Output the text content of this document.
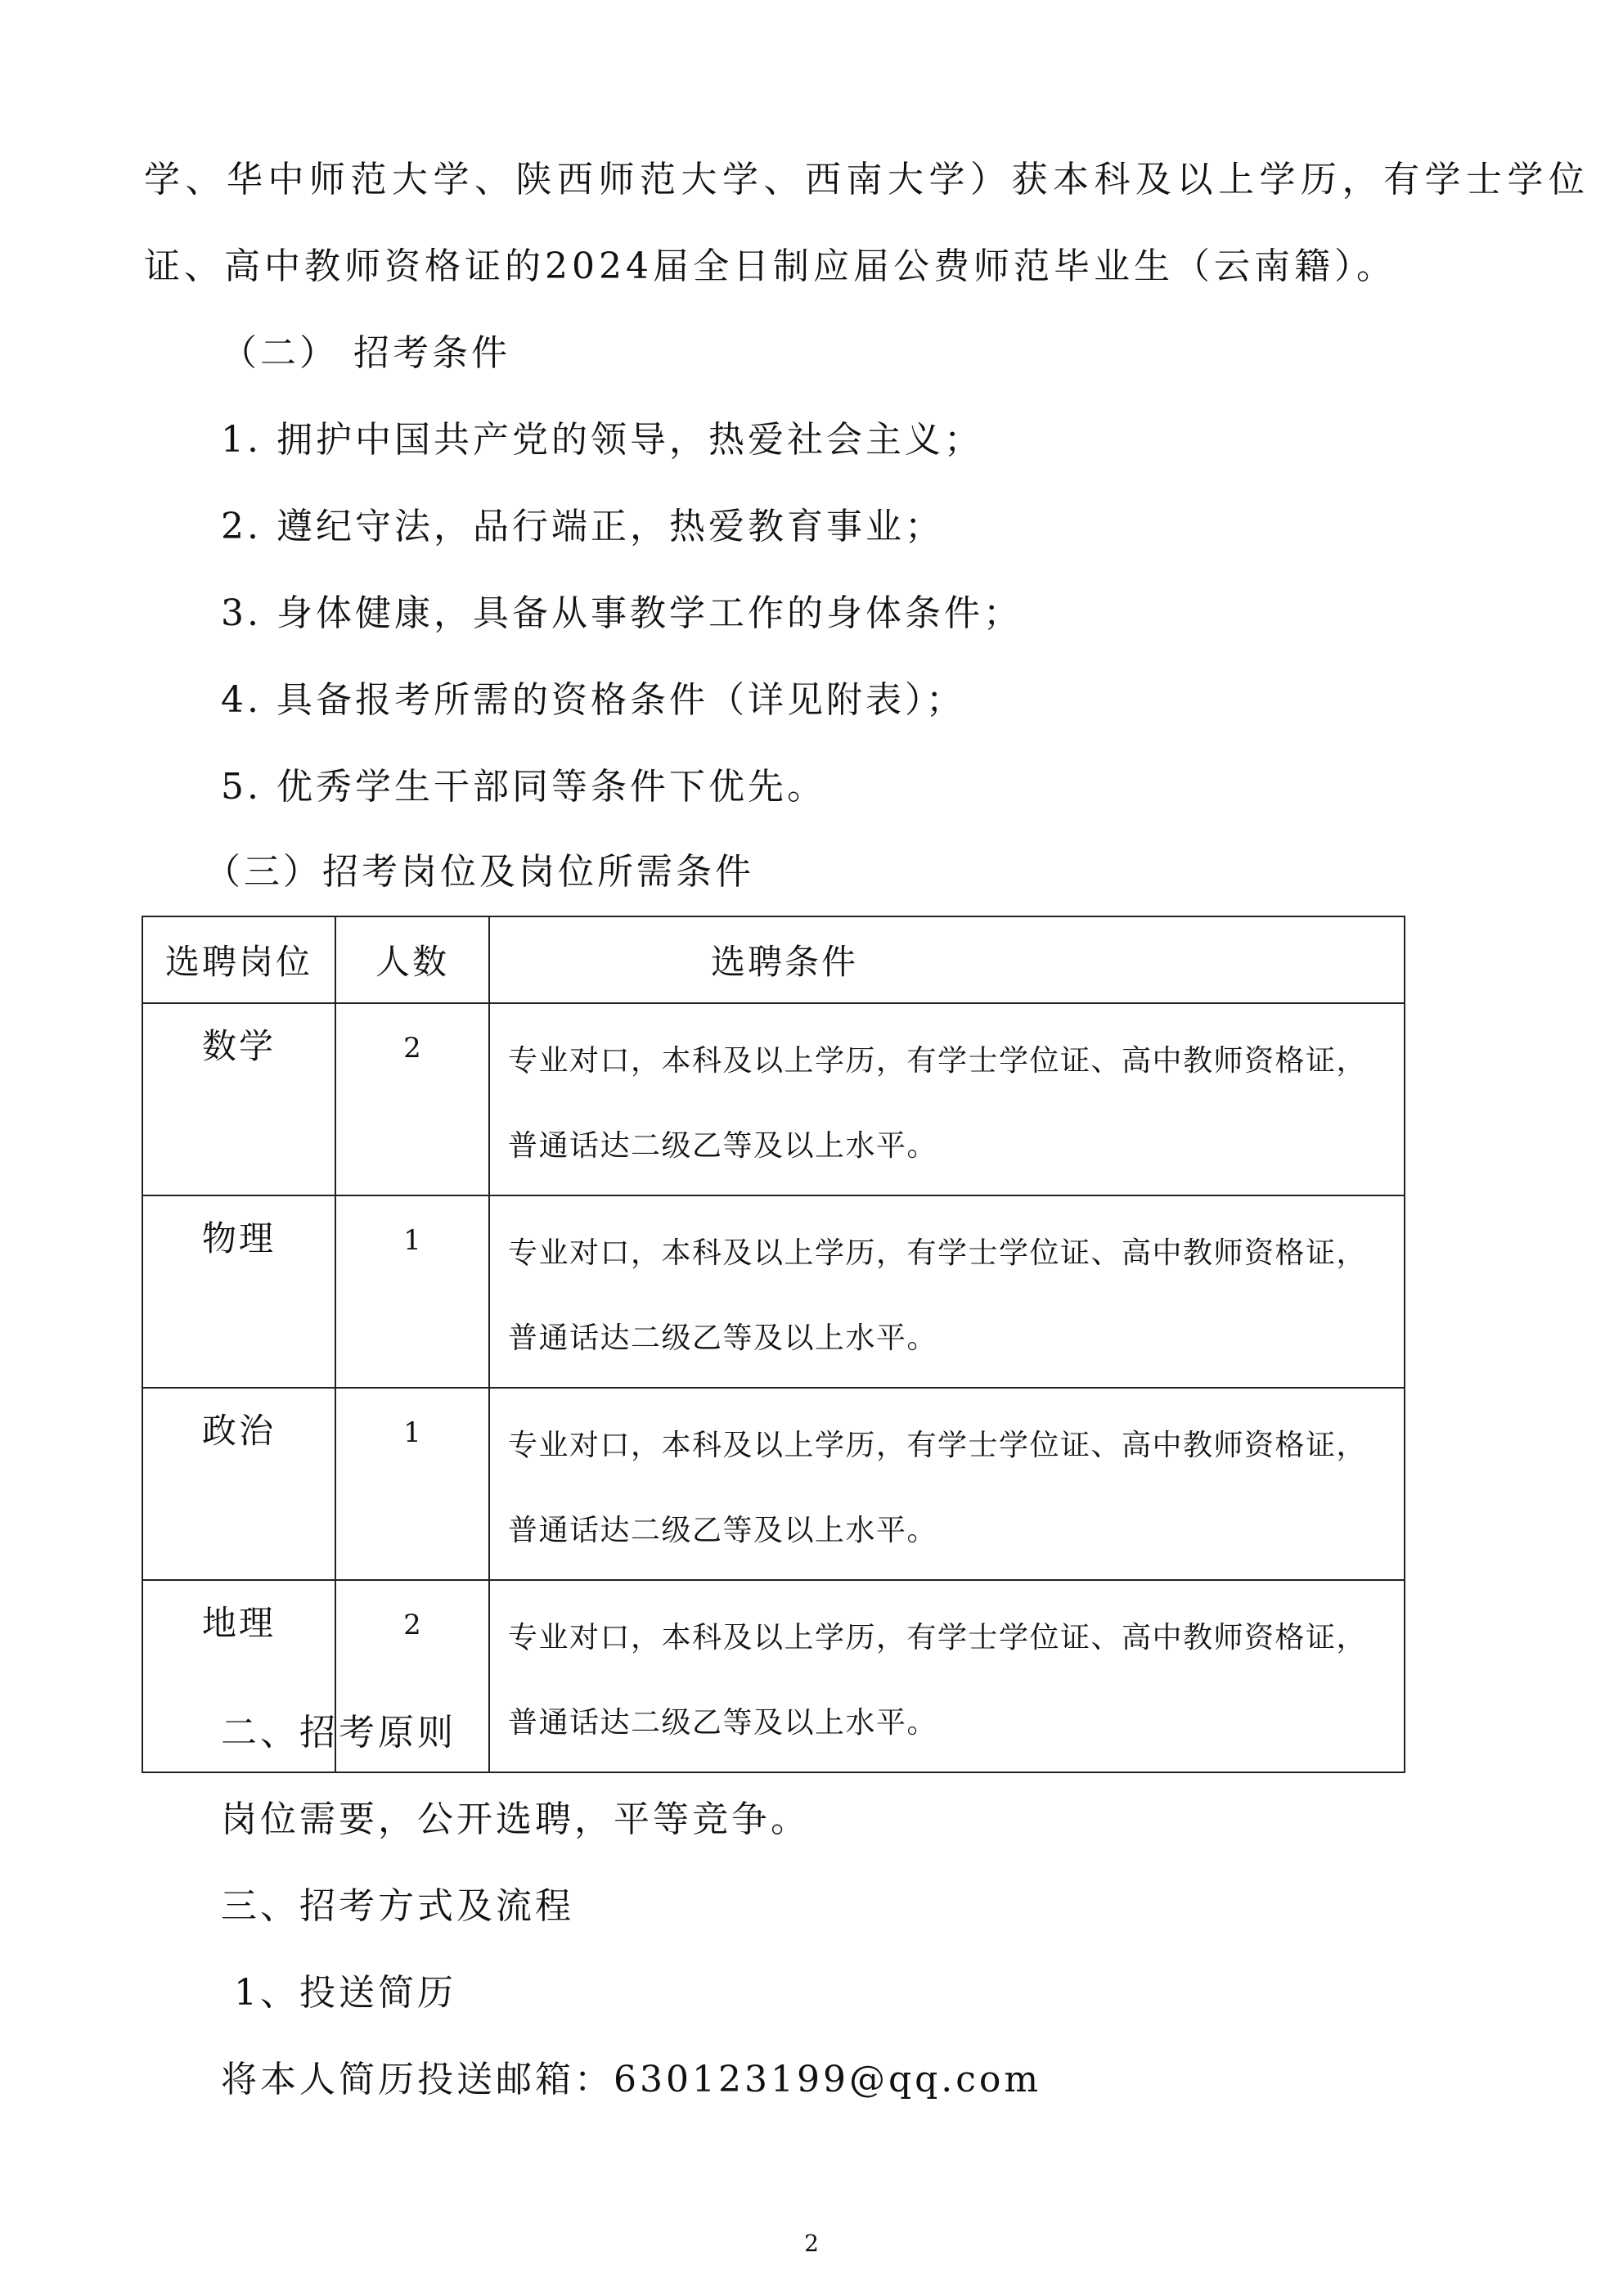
学、华中师范大学、陕西师范大学、西南大学）获本科及以上学历，有学士学位
证、高中教师资格证的2024届全日制应届公费师范毕业生（云南籍）。
（二） 招考条件
1. 拥护中国共产党的领导，热爱社会主义；
2. 遵纪守法，品行端正，热爱教育事业；
3. 身体健康，具备从事教学工作的身体条件；
4. 具备报考所需的资格条件（详见附表）；
5. 优秀学生干部同等条件下优先。
（三）招考岗位及岗位所需条件
选聘岗位	人数	选聘条件
数学	2	专业对口，本科及以上学历，有学士学位证、高中教师资格证，
普通话达二级乙等及以上水平。

物理	1	专业对口，本科及以上学历，有学士学位证、高中教师资格证，
普通话达二级乙等及以上水平。

政治	1	专业对口，本科及以上学历，有学士学位证、高中教师资格证，
普通话达二级乙等及以上水平。

地理	2	专业对口，本科及以上学历，有学士学位证、高中教师资格证，
普通话达二级乙等及以上水平。
二、招考原则
岗位需要，公开选聘，平等竞争。
三、招考方式及流程
1、投送简历
将本人简历投送邮箱：630123199@qq.com
2
